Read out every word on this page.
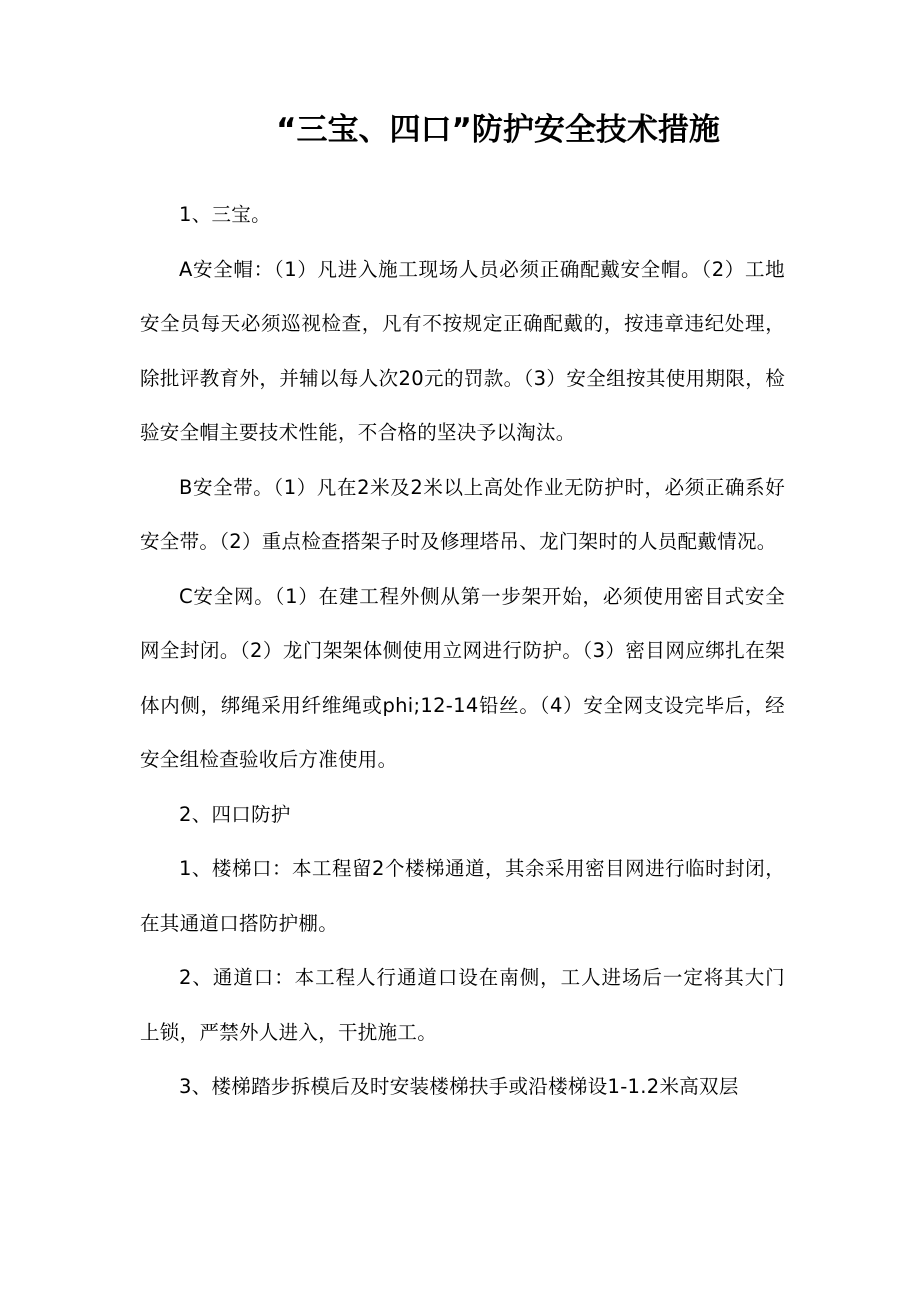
“三宝、四口”防护安全技术措施

1、三宝。

A安全帽：（1）凡进入施工现场人员必须正确配戴安全帽。（2）工地安全员每天必须巡视检查，凡有不按规定正确配戴的，按违章违纪处理，除批评教育外，并辅以每人次20元的罚款。（3）安全组按其使用期限，检验安全帽主要技术性能，不合格的坚决予以淘汰。

B安全带。（1）凡在2米及2米以上高处作业无防护时，必须正确系好安全带。（2）重点检查搭架子时及修理塔吊、龙门架时的人员配戴情况。

C安全网。（1）在建工程外侧从第一步架开始，必须使用密目式安全网全封闭。（2）龙门架架体侧使用立网进行防护。（3）密目网应绑扎在架体内侧，绑绳采用纤维绳或phi;12-14铅丝。（4）安全网支设完毕后，经安全组检查验收后方准使用。

2、四口防护

1、楼梯口：本工程留2个楼梯通道，其余采用密目网进行临时封闭，在其通道口搭防护棚。

2、通道口：本工程人行通道口设在南侧，工人进场后一定将其大门上锁，严禁外人进入，干扰施工。

3、楼梯踏步拆模后及时安装楼梯扶手或沿楼梯设1-1.2米高双层
